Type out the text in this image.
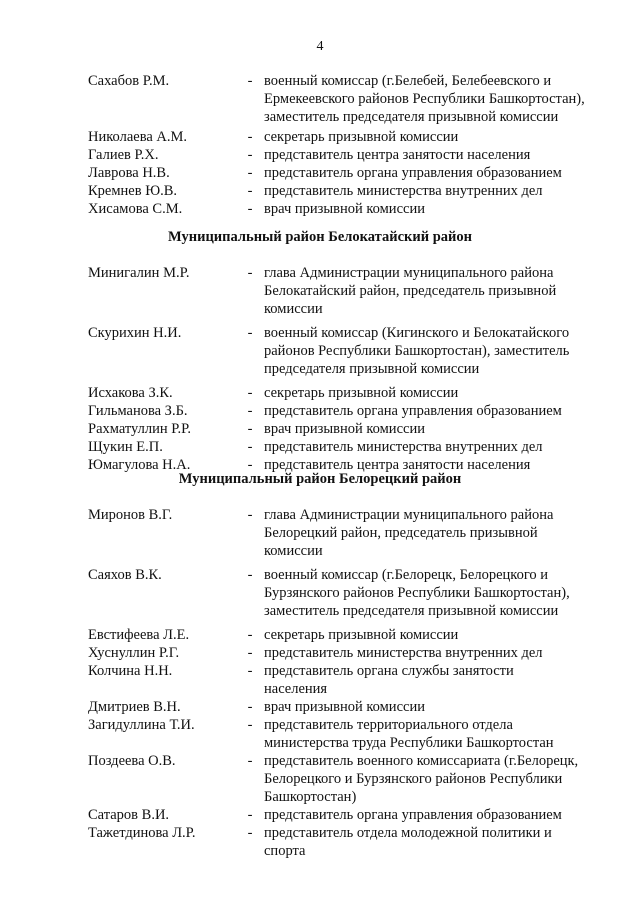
4
Сахабов Р.М.	- военный комиссар (г.Белебей, Белебеевского и
Ермекеевского районов Республики Башкортостан),
заместитель председателя призывной комиссии
Николаева А.М.	- секретарь призывной комиссии
Галиев Р.Х.	- представитель центра занятости населения
Лаврова Н.В.	- представитель органа управления образованием
Кремнев Ю.В.	- представитель министерства внутренних дел
Хисамова С.М.	- врач призывной комиссии
Муниципальный район Белокатайский район
Минигалин М.Р.	- глава Администрации муниципального района
Белокатайский район, председатель призывной
комиссии
Скурихин Н.И.	- военный комиссар (Кигинского и Белокатайского
районов Республики Башкортостан), заместитель
председателя призывной комиссии
Исхакова З.К.	- секретарь призывной комиссии
Гильманова З.Б.	- представитель органа управления образованием
Рахматуллин Р.Р.	- врач призывной комиссии
Щукин Е.П.	- представитель министерства внутренних дел
Юмагулова Н.А.	- представитель центра занятости населения
Муниципальный район Белорецкий район
Миронов В.Г.	- глава Администрации муниципального района
Белорецкий район, председатель призывной
комиссии
Саяхов В.К.	- военный комиссар (г.Белорецк, Белорецкого и
Бурзянского районов Республики Башкортостан),
заместитель председателя призывной комиссии
Евстифеева Л.Е.	- секретарь призывной комиссии
Хуснуллин Р.Г.	- представитель министерства внутренних дел
Колчина Н.Н.	- представитель органа службы занятости
населения
Дмитриев В.Н.	- врач призывной комиссии
Загидуллина Т.И.	- представитель территориального отдела
министерства труда Республики Башкортостан
Поздеева О.В.	- представитель военного комиссариата (г.Белорецк,
Белорецкого и Бурзянского районов Республики
Башкортостан)
Сатаров В.И.	- представитель органа управления образованием
Тажетдинова Л.Р.	- представитель отдела молодежной политики и
спорта
